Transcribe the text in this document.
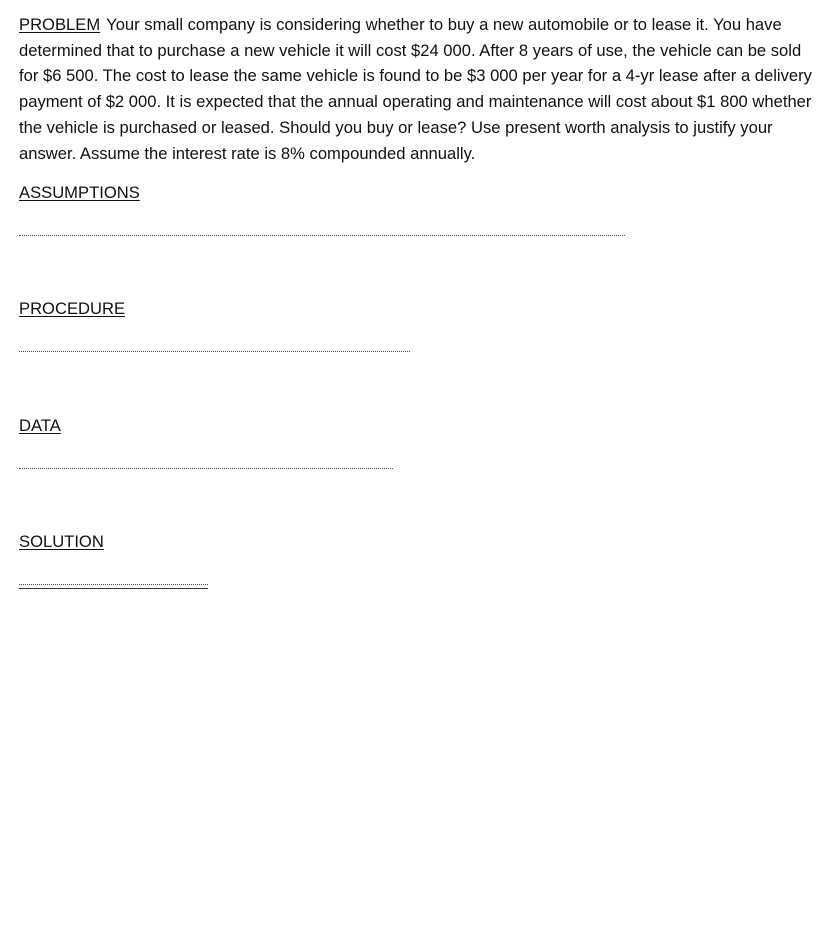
PROBLEM Your small company is considering whether to buy a new automobile or to lease it. You have determined that to purchase a new vehicle it will cost $24 000. After 8 years of use, the vehicle can be sold for $6 500. The cost to lease the same vehicle is found to be $3 000 per year for a 4-yr lease after a delivery payment of $2 000. It is expected that the annual operating and maintenance will cost about $1 800 whether the vehicle is purchased or leased. Should you buy or lease? Use present worth analysis to justify your answer. Assume the interest rate is 8% compounded annually.

ASSUMPTIONS
PROCEDURE
DATA
SOLUTION
